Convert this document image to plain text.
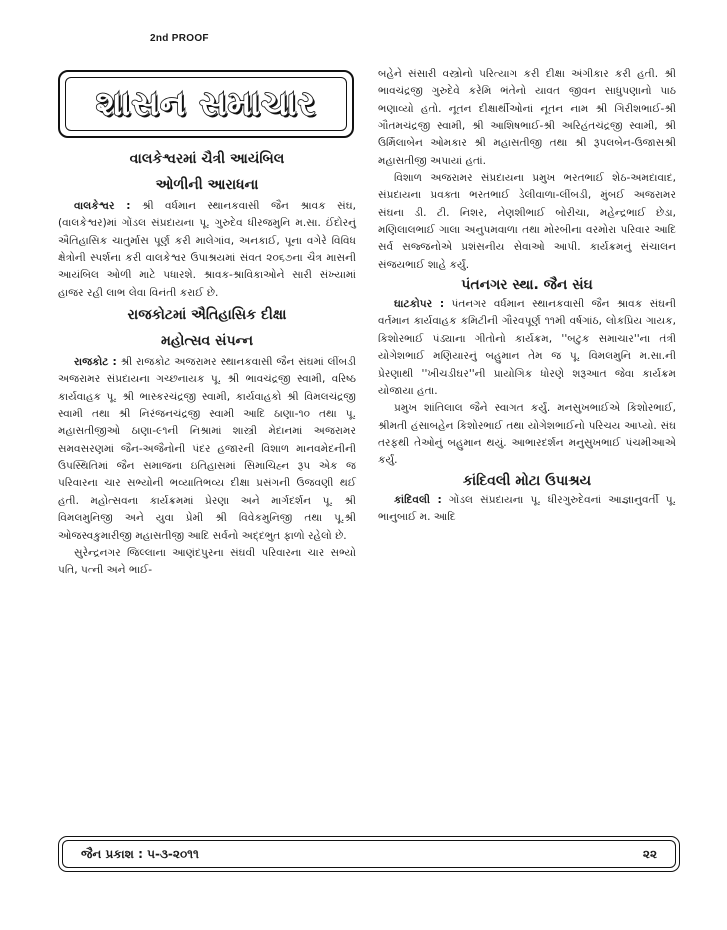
2nd PROOF
શાસન સમાચાર

વાલકેશ્વરમાં ચૈત્રી આયંબિલ

ઓળીની આરાધના

વાલકેશ્વર : શ્રી વર્ધમાન સ્થાનકવાસી જૈન શ્રાવક સંઘ, (વાલકેશ્વર)માં ગોંડલ સંપ્રદાયના પૂ. ગુરુદેવ ધીરજમુનિ મ.સા. ઈંદોરનું ઐતિહાસિક ચાતુર્માસ પૂર્ણ કરી માલેગાંવ, અનકાઈ, પૂના વગેરે વિવિધ ક્ષેત્રોની સ્પર્શના કરી વાલકેશ્વર ઉપાશ્રયમાં સંવત ૨૦૬૭ના ચૈત્ર માસની આયંબિલ ઓળી માટે પધારશે. શ્રાવક-શ્રાવિકાઓને સારી સંખ્યામાં હાજર રહી લાભ લેવા વિનંતી કરાઈ છે.

રાજકોટમાં ઐતિહાસિક દીક્ષા

મહોત્સવ સંપન્ન

રાજકોટ : શ્રી રાજકોટ અજરામર સ્થાનકવાસી જૈન સંઘમાં લીંબડી અજરામર સંપ્રદાયના ગચ્છનાયક પૂ. શ્રી ભાવચંદ્રજી સ્વામી, વરિષ્ઠ કાર્યવાહક પૂ. શ્રી ભાસ્કરચંદ્રજી સ્વામી, કાર્યવાહકો શ્રી વિમલચંદ્રજી સ્વામી તથા શ્રી નિરંજનચંદ્રજી સ્વામી આદિ ઠાણા-૧૦ તથા પૂ. મહાસતીજીઓ ઠાણા-૯૧ની નિશ્રામાં શાસ્ત્રી મેદાનમાં અજરામર સમવસરણમાં જૈન-અજૈનોની પંદર હજારની વિશાળ માનવમેદનીની ઉપસ્થિતિમાં જૈન સમાજના ઇતિહાસમાં સિમાચિહ્ન રૂપ એક જ પરિવારના ચાર સભ્યોની ભવ્યાતિભવ્ય દીક્ષા પ્રસંગની ઉજવણી થઈ હતી. મહોત્સવના કાર્યક્રમમાં પ્રેરણા અને માર્ગદર્શન પૂ. શ્રી વિમલમુનિજી અને યુવા પ્રેમી શ્રી વિવેકમુનિજી તથા પૂ.શ્રી ઓજસ્વકુમારીજી મહાસતીજી આદિ સર્વનો અદ્દભુત ફાળો રહેલો છે.

સુરેન્દ્રનગર જિલ્લાના આણંદપુરના સંઘવી પરિવારના ચાર સભ્યો પતિ, પત્ની અને ભાઈ-

બહેને સંસારી વસ્ત્રોનો પરિત્યાગ કરી દીક્ષા અંગીકાર કરી હતી. શ્રી ભાવચંદ્રજી ગુરુદેવે કરેમિ ભંતેનો યાવત જીવન સાધુપણાનો પાઠ ભણાવ્યો હતો. નૂતન દીક્ષાર્થીઓનાં નૂતન નામ શ્રી ગિરીશભાઈ-શ્રી ગૌતમચંદ્રજી સ્વામી, શ્રી આશિષભાઈ-શ્રી અરિહંતચંદ્રજી સ્વામી, શ્રી ઉર્મિલાબેન ઓમકાર શ્રી મહાસતીજી તથા શ્રી રૂપલબેન-ઉજાસશ્રી મહાસતીજી અપાયાં હતાં.

વિશાળ અજરામર સંપ્રદાયના પ્રમુખ ભરતભાઈ શેઠ-અમદાવાદ, સંપ્રદાયના પ્રવક્તા ભરતભાઈ ડેલીવાળા-લીંબડી, મુંબઈ અજરામર સંઘના ડી. ટી. નિશર, નેણશીભાઈ બોરીચા, મહેન્દ્રભાઈ છેડા, મણિલાલભાઈ ગાલા અનુપમવાળા તથા મોરબીના વરમોરા પરિવાર આદિ સર્વ સજ્જનોએ પ્રશંસનીય સેવાઓ આપી. કાર્યક્રમનું સંચાલન સંજયભાઈ શાહે કર્યું.

પંતનગર સ્થા. જૈન સંઘ

ઘાટકોપર : પંતનગર વર્ધમાન સ્થાનકવાસી જૈન શ્રાવક સંઘની વર્તમાન કાર્યવાહક કમિટીની ગૌરવપૂર્ણ ૧૧મી વર્ષગાંઠ, લોકપ્રિય ગાયક, કિશોરભાઈ પંડ્યાના ગીતોનો કાર્યક્રમ, ''બટુક સમાચાર''ના તંત્રી યોગેશભાઈ મણિયારનું બહુમાન તેમ જ પૂ. વિમલમુનિ મ.સા.ની પ્રેરણાથી ''ખીચડીઘર''ની પ્રાયોગિક ધોરણે શરૂઆત જેવા કાર્યક્રમ યોજાયા હતા.

પ્રમુખ શાંતિલાલ જૈને સ્વાગત કર્યું. મનસુખભાઈએ કિશોરભાઈ, શ્રીમતી હંસાબહેન કિશોરભાઈ તથા યોગેશભાઈનો પરિચય આપ્યો. સંઘ તરફથી તેઓનું બહુમાન થયું. આભારદર્શન મનુસુખભાઈ પંચમીઆએ કર્યું.

કાંદિવલી મોટા ઉપાશ્રય

કાંદિવલી : ગોંડલ સંપ્રદાયના પૂ. ધીરગુરુદેવનાં આજ્ઞાનુવર્તી પૂ. ભાનુબાઈ મ. આદિ

જૈન પ્રકાશ : ૫-૩-૨૦૧૧	૨૨
